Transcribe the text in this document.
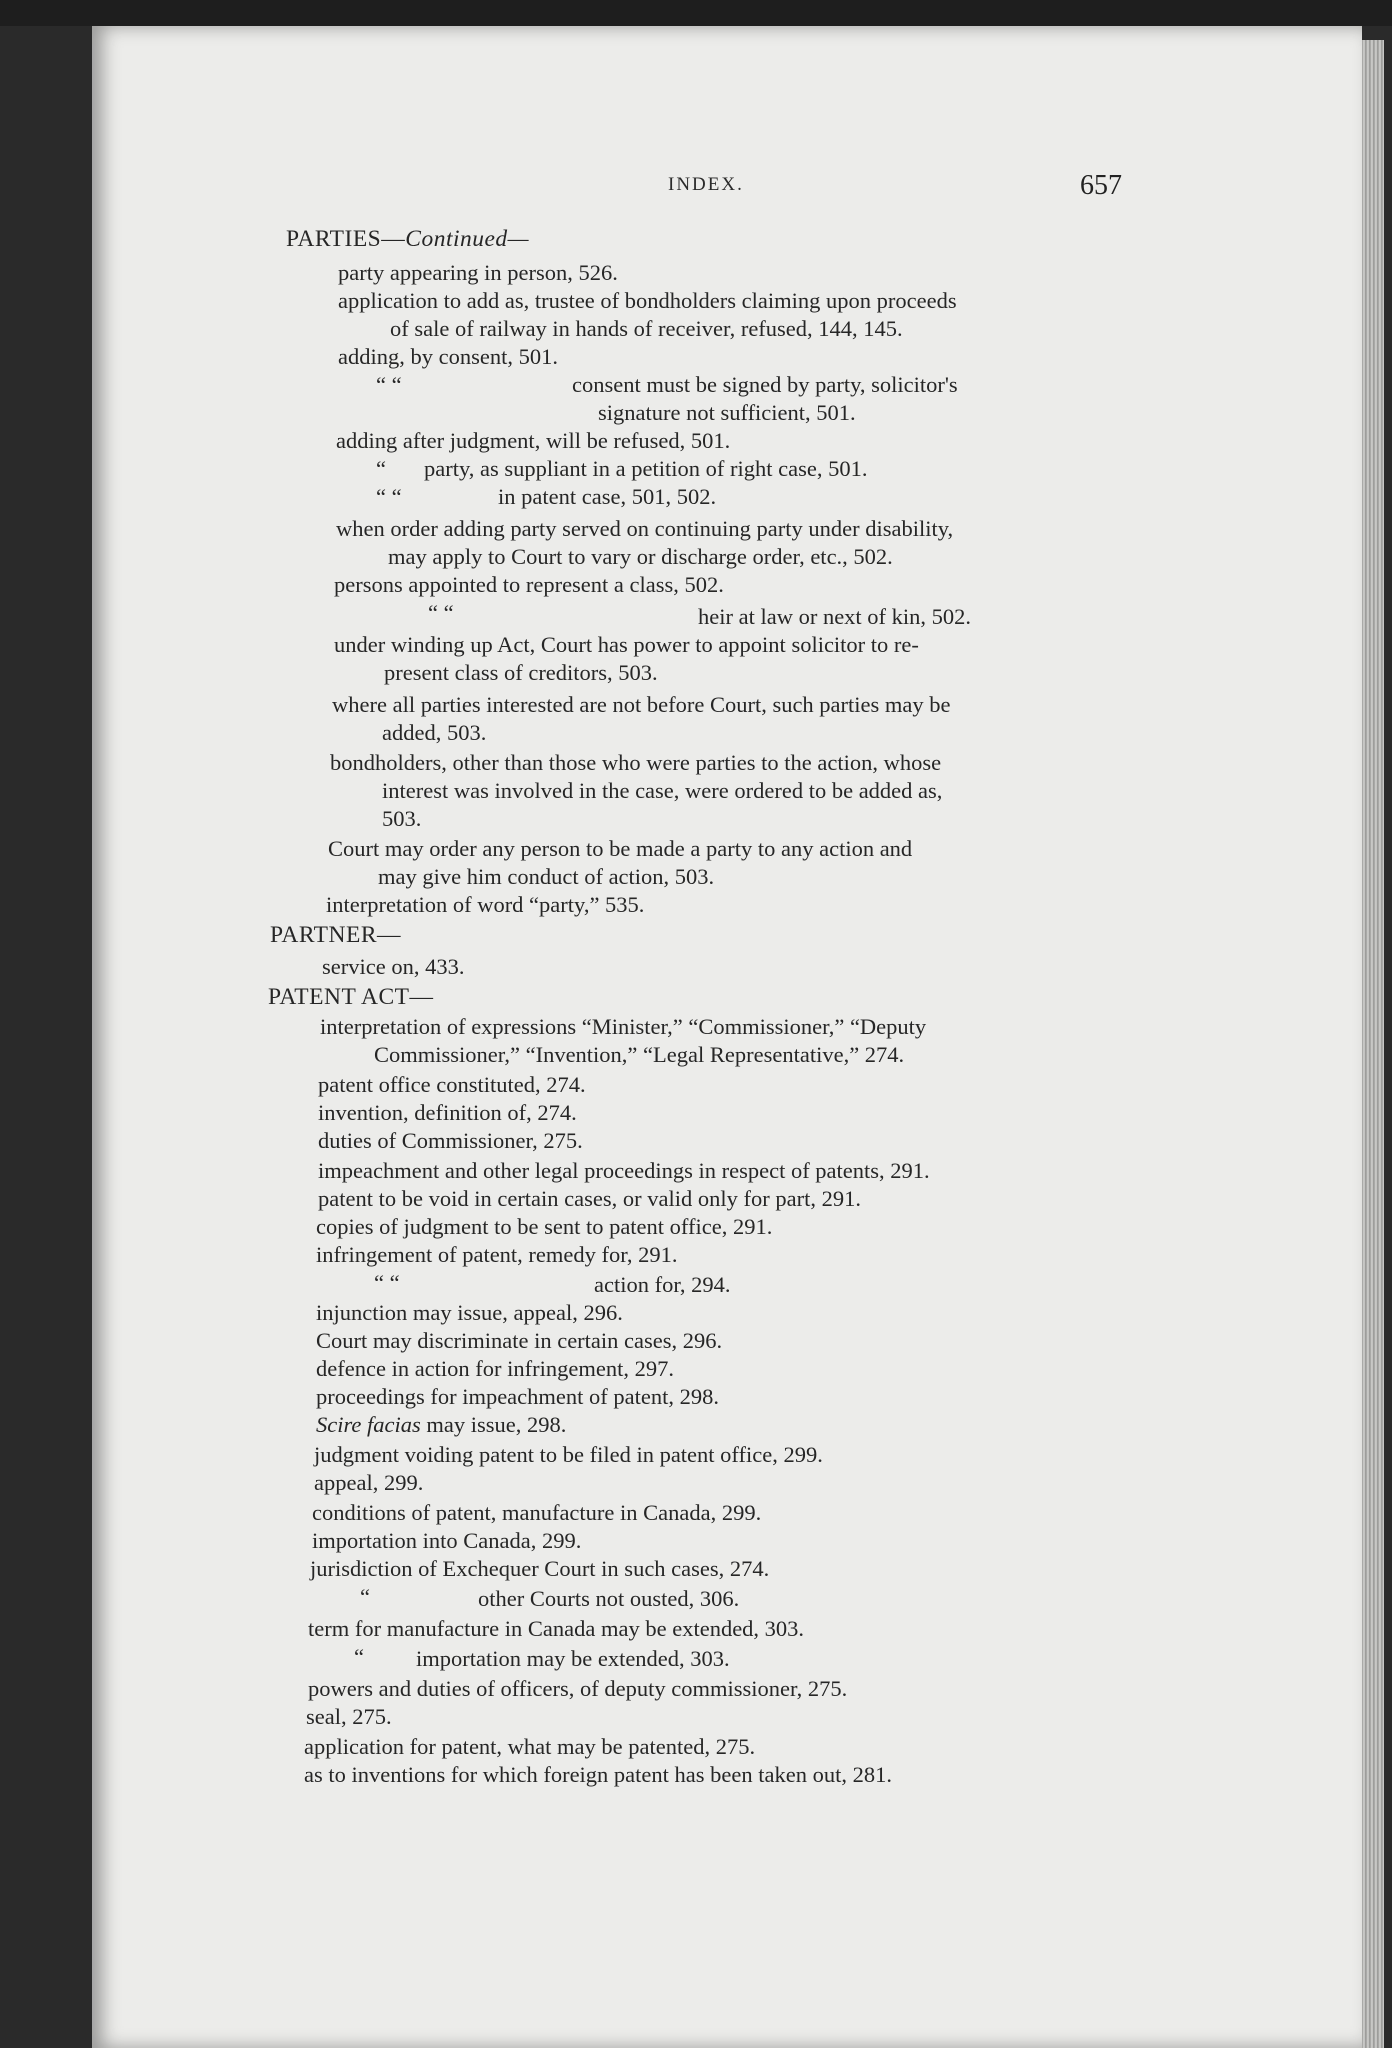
INDEX.	657
PARTIES—Continued—
party appearing in person, 526.
application to add as, trustee of bondholders claiming upon proceeds
of sale of railway in hands of receiver, refused, 144, 145.
adding, by consent, 501.
“ “	consent must be signed by party, solicitor's
signature not sufficient, 501.
adding after judgment, will be refused, 501.
“ party, as suppliant in a petition of right case, 501.
“ “	in patent case, 501, 502.
when order adding party served on continuing party under disability,
may apply to Court to vary or discharge order, etc., 502.
persons appointed to represent a class, 502.
“ “	heir at law or next of kin, 502.
under winding up Act, Court has power to appoint solicitor to re-
present class of creditors, 503.
where all parties interested are not before Court, such parties may be
added, 503.
bondholders, other than those who were parties to the action, whose
interest was involved in the case, were ordered to be added as,
503.
Court may order any person to be made a party to any action and
may give him conduct of action, 503.
interpretation of word “party,” 535.
PARTNER—
service on, 433.
PATENT ACT—
interpretation of expressions “Minister,” “Commissioner,” “Deputy
Commissioner,” “Invention,” “Legal Representative,” 274.
patent office constituted, 274.
invention, definition of, 274.
duties of Commissioner, 275.
impeachment and other legal proceedings in respect of patents, 291.
patent to be void in certain cases, or valid only for part, 291.
copies of judgment to be sent to patent office, 291.
infringement of patent, remedy for, 291.
“ “	action for, 294.
injunction may issue, appeal, 296.
Court may discriminate in certain cases, 296.
defence in action for infringement, 297.
proceedings for impeachment of patent, 298.
Scire facias may issue, 298.
judgment voiding patent to be filed in patent office, 299.
appeal, 299.
conditions of patent, manufacture in Canada, 299.
importation into Canada, 299.
jurisdiction of Exchequer Court in such cases, 274.
“	other Courts not ousted, 306.
term for manufacture in Canada may be extended, 303.
“ importation may be extended, 303.
powers and duties of officers, of deputy commissioner, 275.
seal, 275.
application for patent, what may be patented, 275.
as to inventions for which foreign patent has been taken out, 281.
